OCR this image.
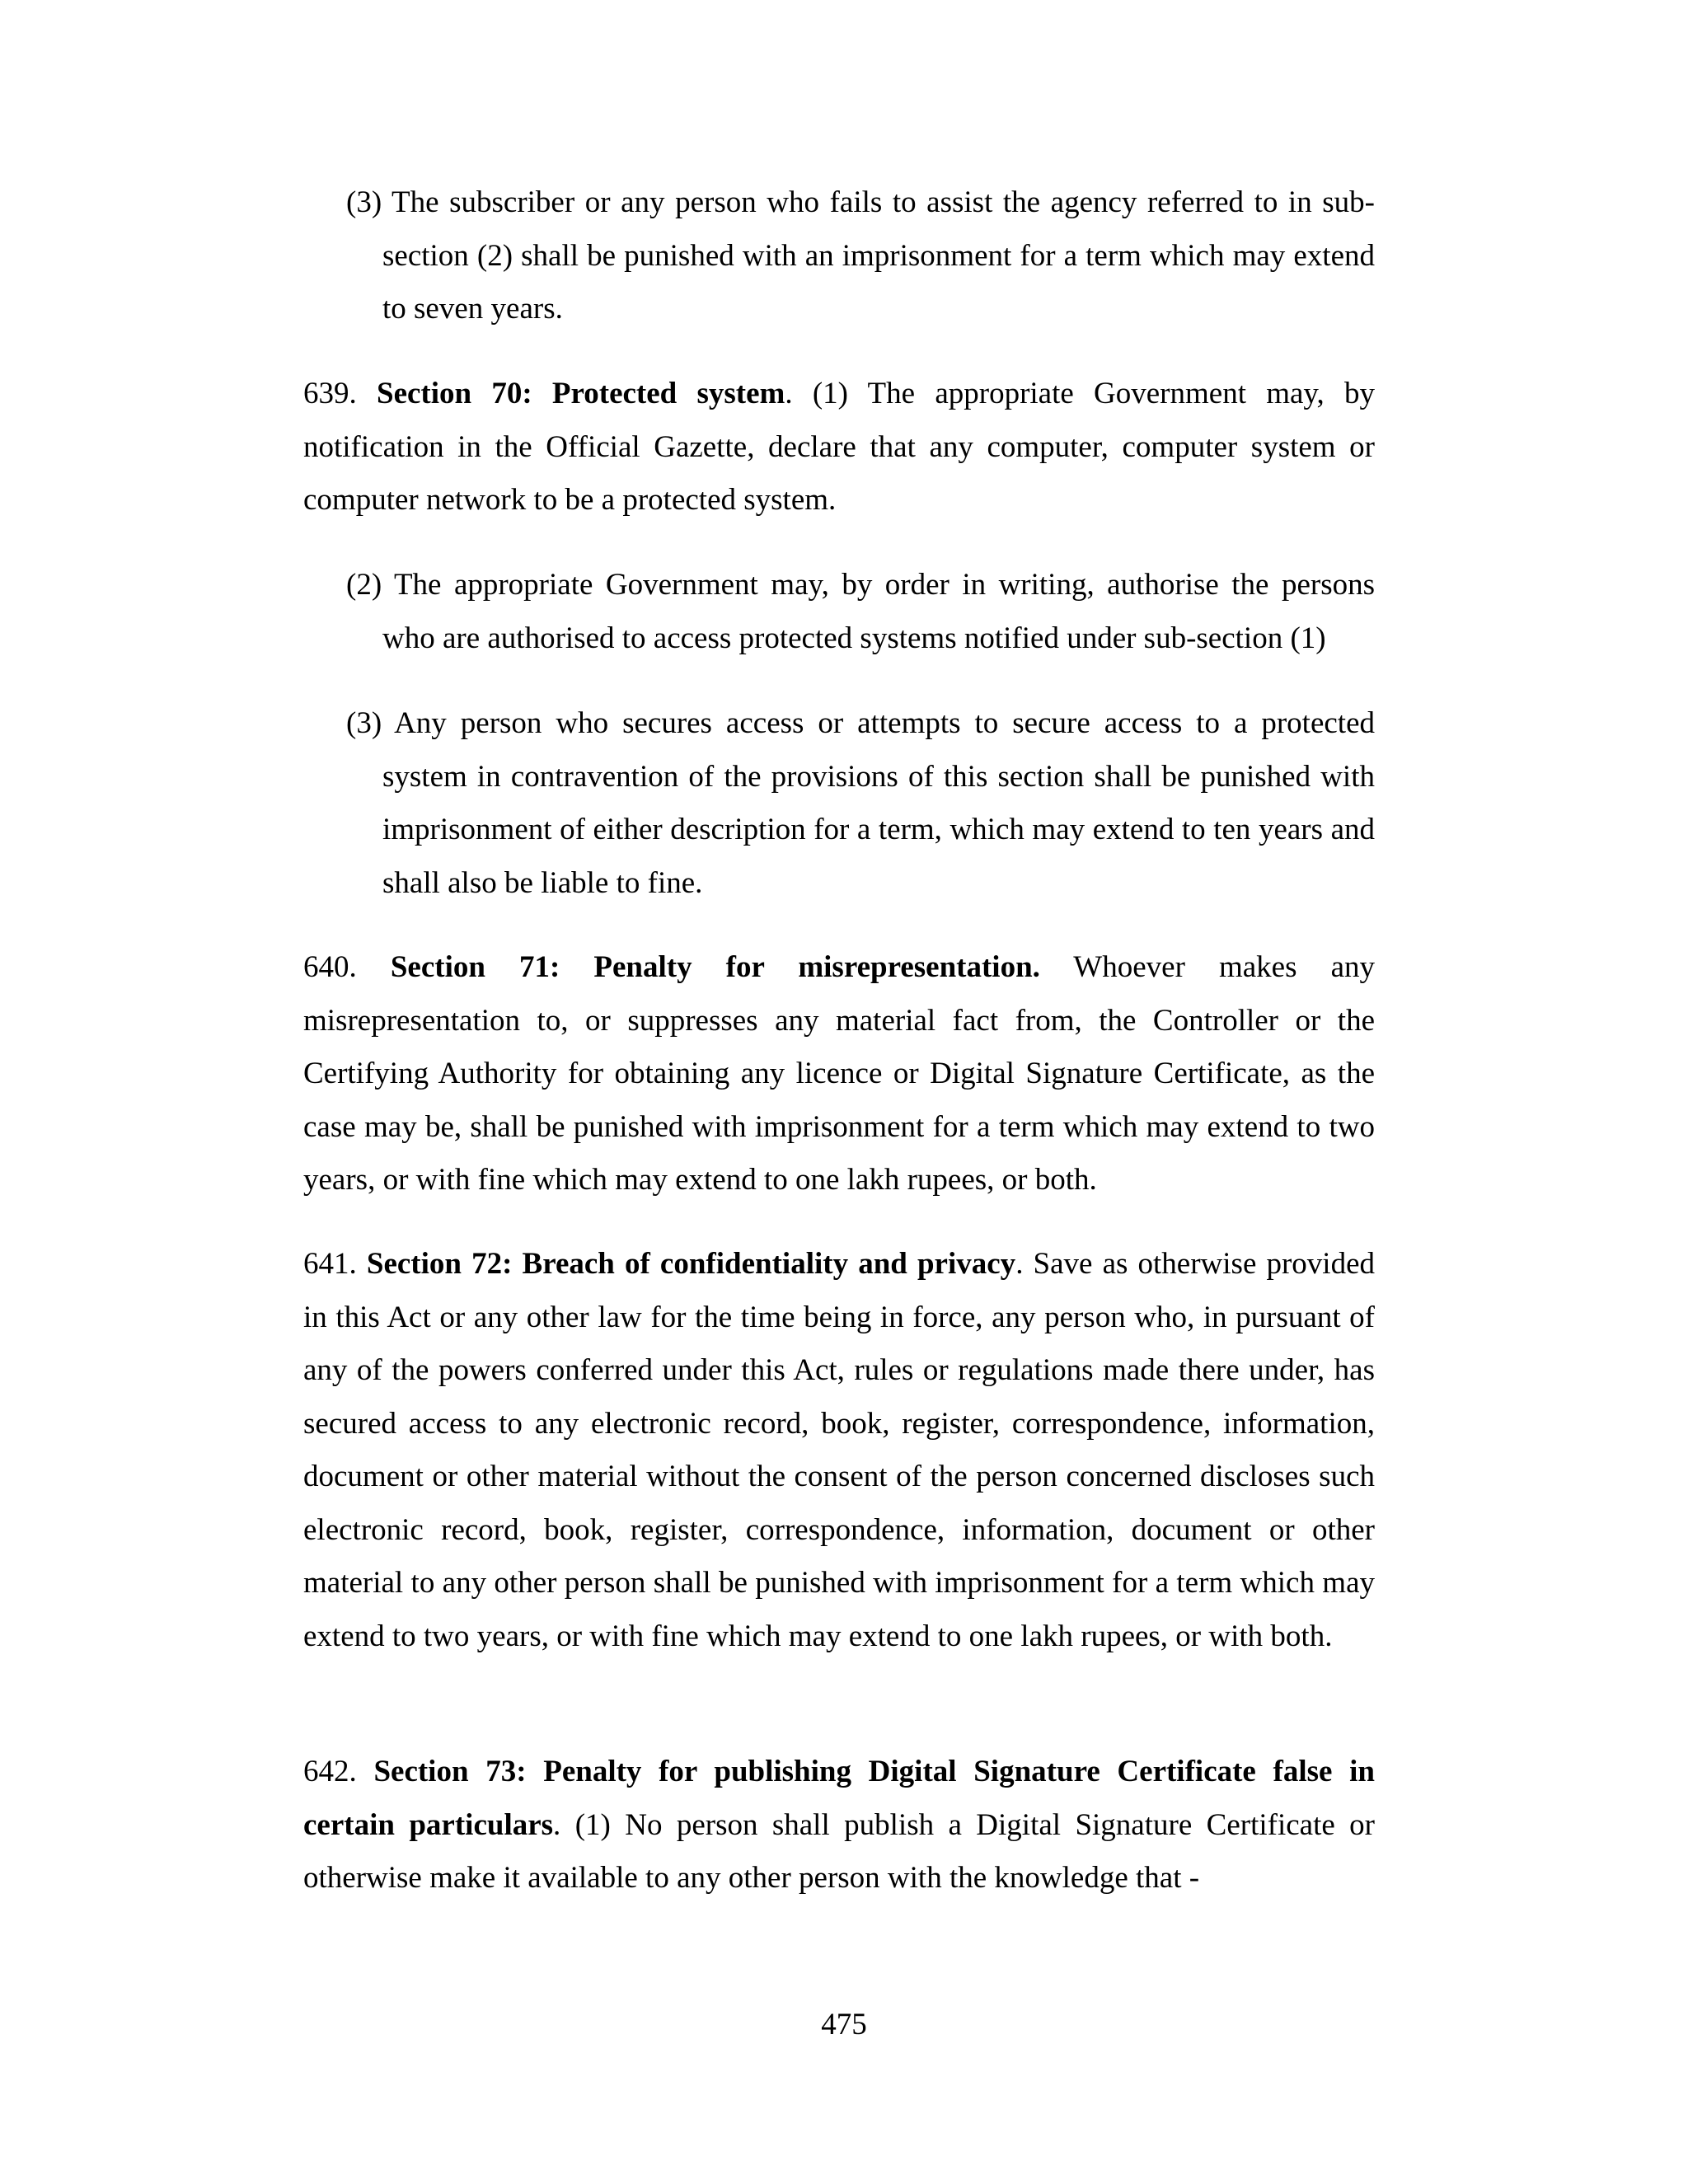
(3) The subscriber or any person who fails to assist the agency referred to in sub-section (2) shall be punished with an imprisonment for a term which may extend to seven years.

639. Section 70: Protected system. (1) The appropriate Government may, by notification in the Official Gazette, declare that any computer, computer system or computer network to be a protected system.

(2) The appropriate Government may, by order in writing, authorise the persons who are authorised to access protected systems notified under sub-section (1)

(3) Any person who secures access or attempts to secure access to a protected system in contravention of the provisions of this section shall be punished with imprisonment of either description for a term, which may extend to ten years and shall also be liable to fine.

640. Section 71: Penalty for misrepresentation. Whoever makes any misrepresentation to, or suppresses any material fact from, the Controller or the Certifying Authority for obtaining any licence or Digital Signature Certificate, as the case may be, shall be punished with imprisonment for a term which may extend to two years, or with fine which may extend to one lakh rupees, or both.

641. Section 72: Breach of confidentiality and privacy. Save as otherwise provided in this Act or any other law for the time being in force, any person who, in pursuant of any of the powers conferred under this Act, rules or regulations made there under, has secured access to any electronic record, book, register, correspondence, information, document or other material without the consent of the person concerned discloses such electronic record, book, register, correspondence, information, document or other material to any other person shall be punished with imprisonment for a term which may extend to two years, or with fine which may extend to one lakh rupees, or with both.

642. Section 73: Penalty for publishing Digital Signature Certificate false in certain particulars. (1) No person shall publish a Digital Signature Certificate or otherwise make it available to any other person with the knowledge that -

475
